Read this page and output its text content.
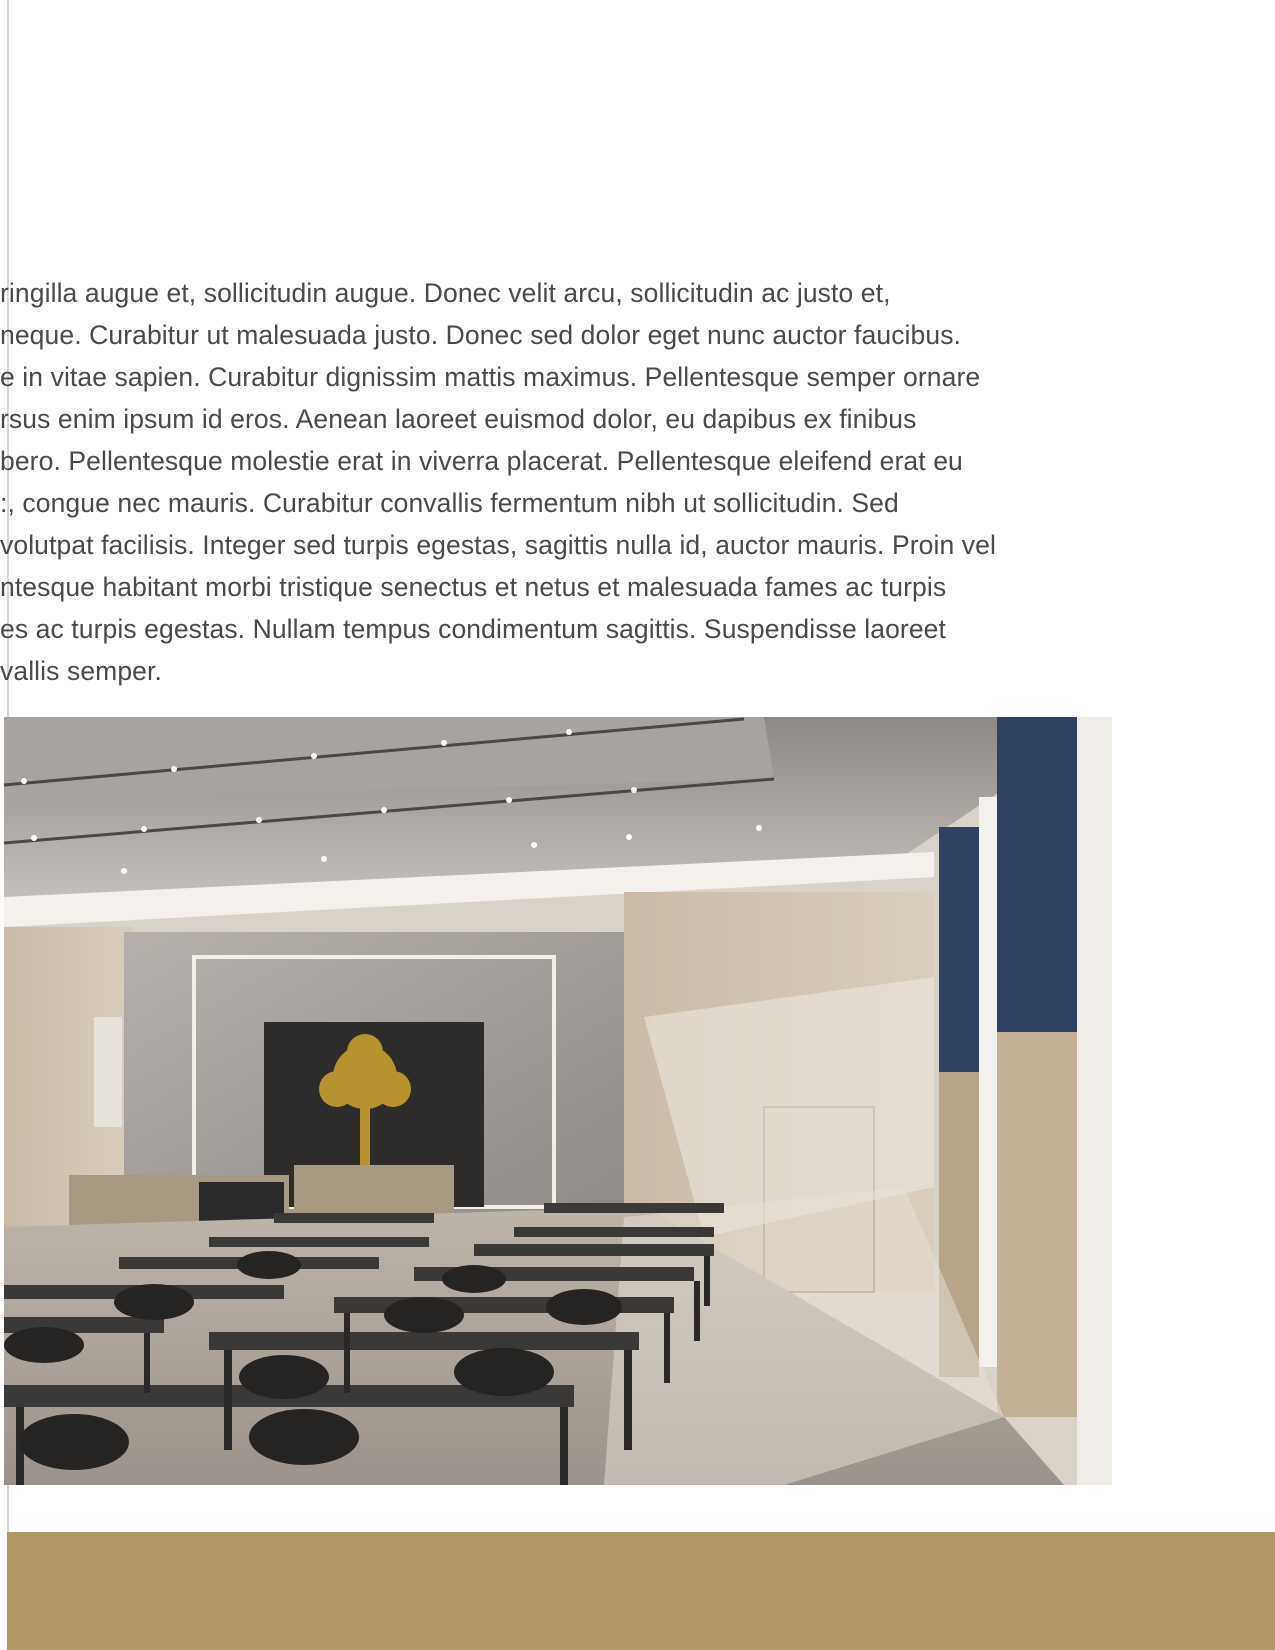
ringilla augue et, sollicitudin augue. Donec velit arcu, sollicitudin ac justo et,
neque. Curabitur ut malesuada justo. Donec sed dolor eget nunc auctor faucibus.
e in vitae sapien. Curabitur dignissim mattis maximus. Pellentesque semper ornare
rsus enim ipsum id eros. Aenean laoreet euismod dolor, eu dapibus ex finibus
bero. Pellentesque molestie erat in viverra placerat. Pellentesque eleifend erat eu
:, congue nec mauris. Curabitur convallis fermentum nibh ut sollicitudin. Sed
volutpat facilisis. Integer sed turpis egestas, sagittis nulla id, auctor mauris. Proin vel
ntesque habitant morbi tristique senectus et netus et malesuada fames ac turpis
es ac turpis egestas. Nullam tempus condimentum sagittis. Suspendisse laoreet
vallis semper.
